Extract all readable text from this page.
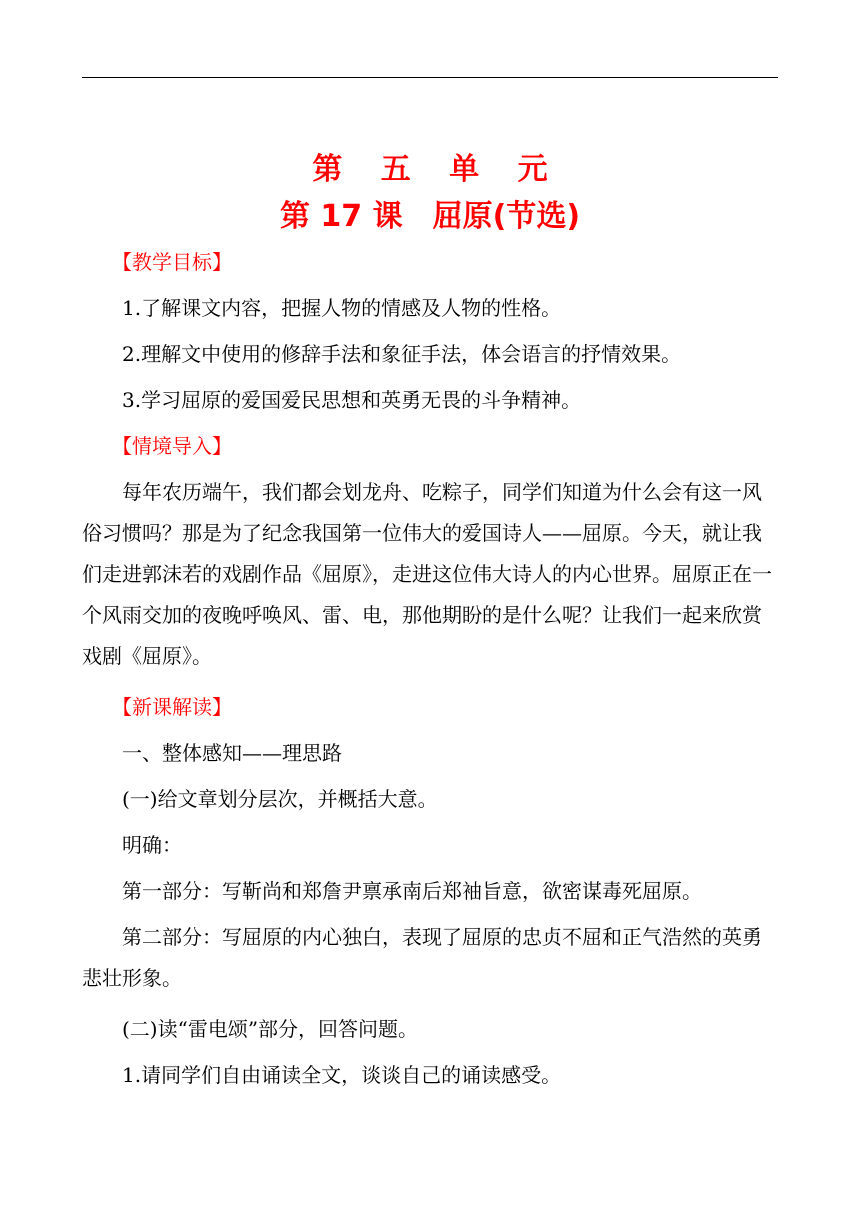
第 五 单 元
第 17 课　屈原(节选)
【教学目标】
1.了解课文内容，把握人物的情感及人物的性格。
2.理解文中使用的修辞手法和象征手法，体会语言的抒情效果。
3.学习屈原的爱国爱民思想和英勇无畏的斗争精神。
【情境导入】
每年农历端午，我们都会划龙舟、吃粽子，同学们知道为什么会有这一风
俗习惯吗？那是为了纪念我国第一位伟大的爱国诗人——屈原。今天，就让我
们走进郭沫若的戏剧作品《屈原》，走进这位伟大诗人的内心世界。屈原正在一
个风雨交加的夜晚呼唤风、雷、电，那他期盼的是什么呢？让我们一起来欣赏
戏剧《屈原》。
【新课解读】
一、整体感知——理思路
(一)给文章划分层次，并概括大意。
明确：
第一部分：写靳尚和郑詹尹禀承南后郑袖旨意，欲密谋毒死屈原。
第二部分：写屈原的内心独白，表现了屈原的忠贞不屈和正气浩然的英勇
悲壮形象。
(二)读“雷电颂”部分，回答问题。
1.请同学们自由诵读全文，谈谈自己的诵读感受。
